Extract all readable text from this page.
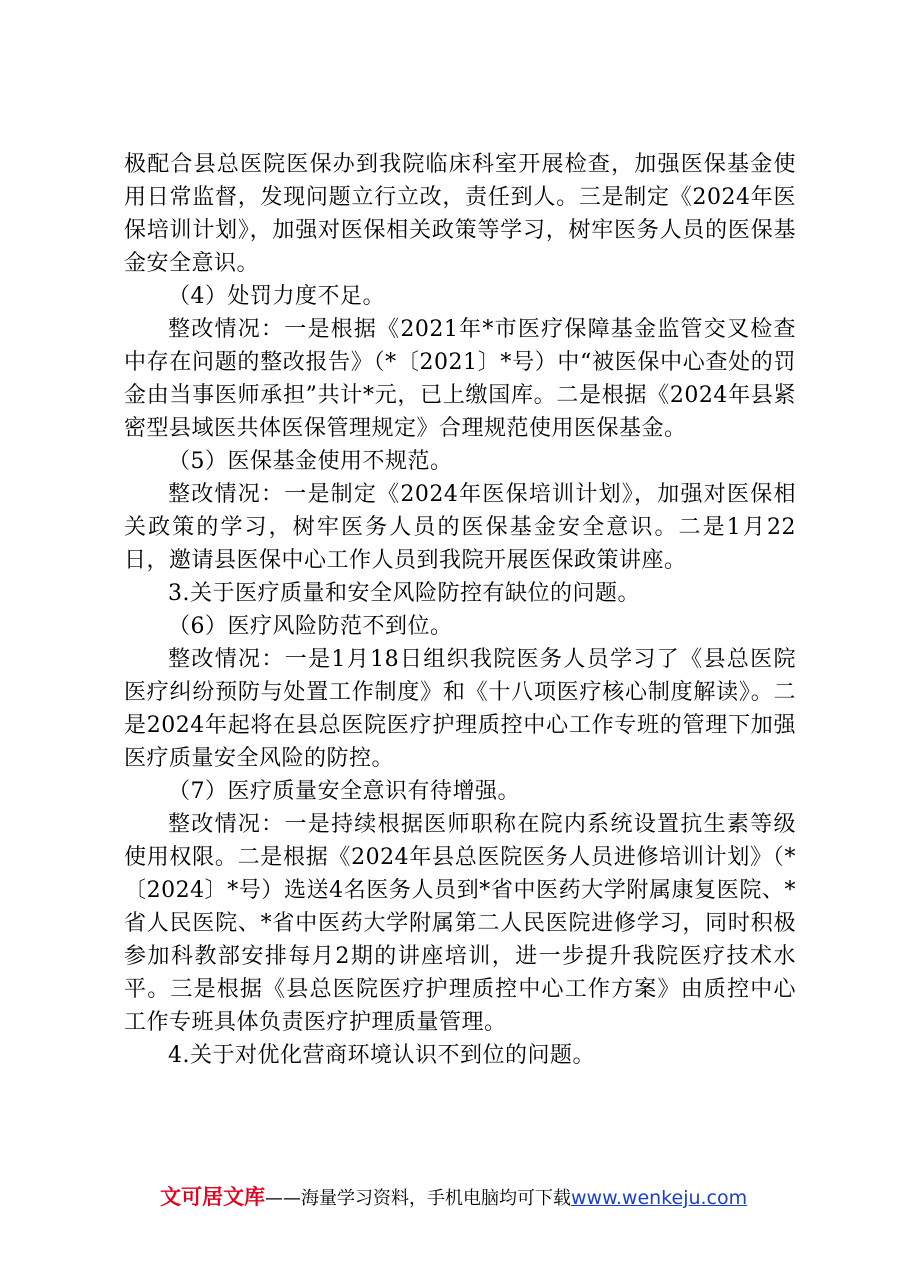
极配合县总医院医保办到我院临床科室开展检查，加强医保基金使用日常监督，发现问题立行立改，责任到人。三是制定《2024年医保培训计划》，加强对医保相关政策等学习，树牢医务人员的医保基金安全意识。

（4）处罚力度不足。

整改情况：一是根据《2021年*市医疗保障基金监管交叉检查中存在问题的整改报告》（*〔2021〕*号）中“被医保中心查处的罚金由当事医师承担”共计*元，已上缴国库。二是根据《2024年县紧密型县域医共体医保管理规定》合理规范使用医保基金。

（5）医保基金使用不规范。

整改情况：一是制定《2024年医保培训计划》，加强对医保相关政策的学习，树牢医务人员的医保基金安全意识。二是1月22日，邀请县医保中心工作人员到我院开展医保政策讲座。

3.关于医疗质量和安全风险防控有缺位的问题。

（6）医疗风险防范不到位。

整改情况：一是1月18日组织我院医务人员学习了《县总医院医疗纠纷预防与处置工作制度》和《十八项医疗核心制度解读》。二是2024年起将在县总医院医疗护理质控中心工作专班的管理下加强医疗质量安全风险的防控。

（7）医疗质量安全意识有待增强。

整改情况：一是持续根据医师职称在院内系统设置抗生素等级使用权限。二是根据《2024年县总医院医务人员进修培训计划》（*〔2024〕*号）选送4名医务人员到*省中医药大学附属康复医院、*省人民医院、*省中医药大学附属第二人民医院进修学习，同时积极参加科教部安排每月2期的讲座培训，进一步提升我院医疗技术水平。三是根据《县总医院医疗护理质控中心工作方案》由质控中心工作专班具体负责医疗护理质量管理。

4.关于对优化营商环境认识不到位的问题。

文可居文库——海量学习资料，手机电脑均可下载www.wenkeju.com
